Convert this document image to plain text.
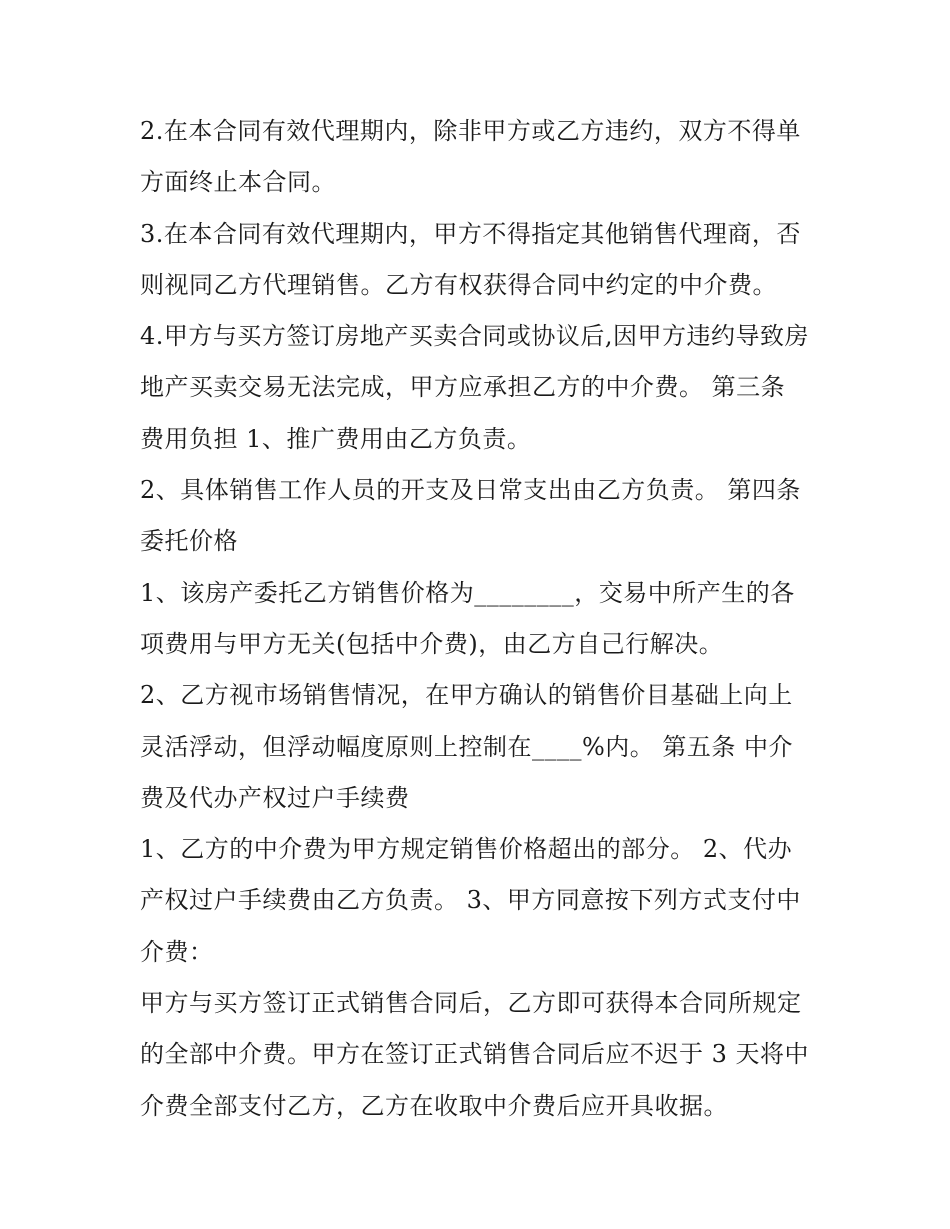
2.在本合同有效代理期内，除非甲方或乙方违约，双方不得单
方面终止本合同。
3.在本合同有效代理期内，甲方不得指定其他销售代理商，否
则视同乙方代理销售。乙方有权获得合同中约定的中介费。
4.甲方与买方签订房地产买卖合同或协议后,因甲方违约导致房
地产买卖交易无法完成，甲方应承担乙方的中介费。 第三条
费用负担 1、推广费用由乙方负责。
2、具体销售工作人员的开支及日常支出由乙方负责。 第四条
委托价格
1、该房产委托乙方销售价格为________，交易中所产生的各
项费用与甲方无关(包括中介费)，由乙方自己行解决。
2、乙方视市场销售情况，在甲方确认的销售价目基础上向上
灵活浮动，但浮动幅度原则上控制在____%内。 第五条 中介
费及代办产权过户手续费
1、乙方的中介费为甲方规定销售价格超出的部分。 2、代办
产权过户手续费由乙方负责。 3、甲方同意按下列方式支付中
介费：
甲方与买方签订正式销售合同后，乙方即可获得本合同所规定
的全部中介费。甲方在签订正式销售合同后应不迟于 3 天将中
介费全部支付乙方，乙方在收取中介费后应开具收据。
